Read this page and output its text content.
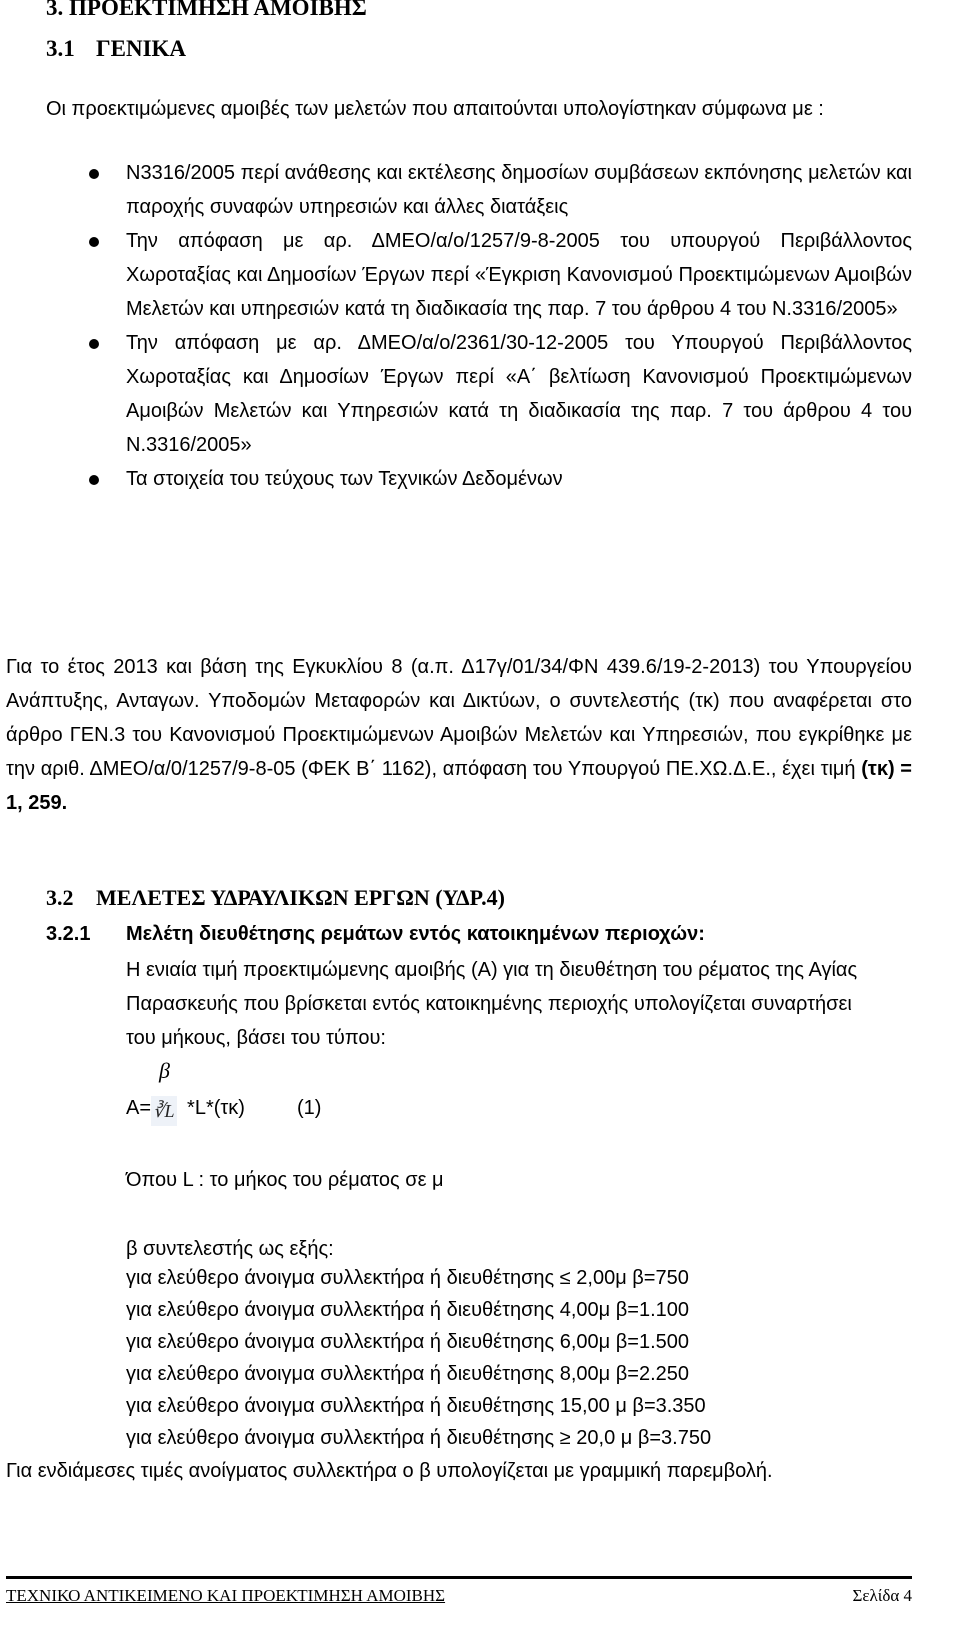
3. ΠΡΟΕΚΤΙΜΗΣΗ ΑΜΟΙΒΗΣ
3.1 ΓΕΝΙΚΑ
Οι προεκτιμώμενες αμοιβές των μελετών που απαιτούνται υπολογίστηκαν σύμφωνα με :
Ν3316/2005 περί ανάθεσης και εκτέλεσης δημοσίων συμβάσεων εκπόνησης μελετών και παροχής συναφών υπηρεσιών και άλλες διατάξεις
Την απόφαση με αρ. ΔΜΕΟ/α/ο/1257/9-8-2005 του υπουργού Περιβάλλοντος Χωροταξίας και Δημοσίων Έργων περί «Έγκριση Κανονισμού Προεκτιμώμενων Αμοιβών Μελετών και υπηρεσιών κατά τη διαδικασία της παρ. 7 του άρθρου 4 του Ν.3316/2005»
Την απόφαση με αρ. ΔΜΕΟ/α/ο/2361/30-12-2005 του Υπουργού Περιβάλλοντος Χωροταξίας και Δημοσίων Έργων περί «Α΄ βελτίωση Κανονισμού Προεκτιμώμενων Αμοιβών Μελετών και Υπηρεσιών κατά τη διαδικασία της παρ. 7 του άρθρου 4 του Ν.3316/2005»
Τα στοιχεία του τεύχους των Τεχνικών Δεδομένων
Για το έτος 2013 και βάση της Εγκυκλίου 8 (α.π. Δ17γ/01/34/ΦΝ 439.6/19-2-2013) του Υπουργείου Ανάπτυξης, Ανταγων. Υποδομών Μεταφορών και Δικτύων, ο συντελεστής (τκ) που αναφέρεται στο άρθρο ΓΕΝ.3 του Κανονισμού Προεκτιμώμενων Αμοιβών Μελετών και Υπηρεσιών, που εγκρίθηκε με την αριθ. ΔΜΕΟ/α/0/1257/9-8-05 (ΦΕΚ Β΄ 1162), απόφαση του Υπουργού ΠΕ.ΧΩ.Δ.Ε., έχει τιμή (τκ) = 1, 259.
3.2 ΜΕΛΕΤΕΣ ΥΔΡΑΥΛΙΚΩΝ ΕΡΓΩΝ (ΥΔΡ.4)
3.2.1 Μελέτη διευθέτησης ρεμάτων εντός κατοικημένων περιοχών:
Η ενιαία τιμή προεκτιμώμενης αμοιβής (Α) για τη διευθέτηση του ρέματος της Αγίας Παρασκευής που βρίσκεται εντός κατοικημένης περιοχής υπολογίζεται συναρτήσει του μήκους, βάσει του τύπου:
Α=
β
∛L *L*(τκ)	(1)
Όπου L : το μήκος του ρέματος σε μ
β συντελεστής ως εξής:
για ελεύθερο άνοιγμα συλλεκτήρα ή διευθέτησης ≤ 2,00μ β=750
για ελεύθερο άνοιγμα συλλεκτήρα ή διευθέτησης 4,00μ β=1.100
για ελεύθερο άνοιγμα συλλεκτήρα ή διευθέτησης 6,00μ β=1.500
για ελεύθερο άνοιγμα συλλεκτήρα ή διευθέτησης 8,00μ β=2.250
για ελεύθερο άνοιγμα συλλεκτήρα ή διευθέτησης 15,00 μ β=3.350
για ελεύθερο άνοιγμα συλλεκτήρα ή διευθέτησης ≥ 20,0 μ β=3.750
Για ενδιάμεσες τιμές ανοίγματος συλλεκτήρα ο β υπολογίζεται με γραμμική παρεμβολή.
ΤΕΧΝΙΚΟ ΑΝΤΙΚΕΙΜΕΝΟ ΚΑΙ ΠΡΟΕΚΤΙΜΗΣΗ ΑΜΟΙΒΗΣ	Σελίδα 4
